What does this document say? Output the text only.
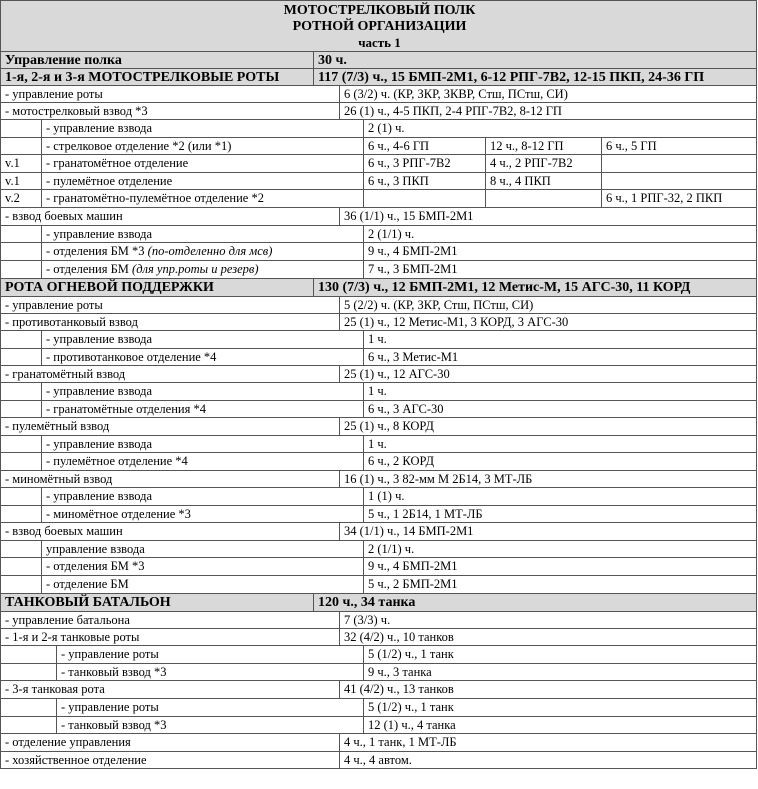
МОТОСТРЕЛКОВЫЙ ПОЛК
РОТНОЙ ОРГАНИЗАЦИИ
часть 1
Управление полка	30 ч.
1-я, 2-я и 3-я МОТОСТРЕЛКОВЫЕ РОТЫ	117 (7/3) ч., 15 БМП-2М1, 6-12 РПГ-7В2, 12-15 ПКП, 24-36 ГП
- управление роты	6 (3/2) ч. (КР, ЗКР, ЗКВР, Стш, ПСтш, СИ)
- мотострелковый взвод *3	26 (1) ч., 4-5 ПКП, 2-4 РПГ-7В2, 8-12 ГП
- управление взвода	2 (1) ч.
- стрелковое отделение *2 (или *1)	6 ч., 4-6 ГП	12 ч., 8-12 ГП	6 ч., 5 ГП
v.1	- гранатомётное отделение	6 ч., 3 РПГ-7В2	4 ч., 2 РПГ-7В2
v.1	- пулемётное отделение	6 ч., 3 ПКП	8 ч., 4 ПКП
v.2	- гранатомётно-пулемётное отделение *2	6 ч., 1 РПГ-32, 2 ПКП
- взвод боевых машин	36 (1/1) ч., 15 БМП-2М1
- управление взвода	2 (1/1) ч.
- отделения БМ *3 (по-отделенно для мсв)	9 ч., 4 БМП-2М1
- отделения БМ (для упр.роты и резерв)	7 ч., 3 БМП-2М1
РОТА ОГНЕВОЙ ПОДДЕРЖКИ	130 (7/3) ч., 12 БМП-2М1, 12 Метис-М, 15 АГС-30, 11 КОРД
- управление роты	5 (2/2) ч. (КР, ЗКР, Стш, ПСтш, СИ)
- противотанковый взвод	25 (1) ч., 12 Метис-М1, 3 КОРД, 3 АГС-30
- управление взвода	1 ч.
- противотанковое отделение *4	6 ч., 3 Метис-М1
- гранатомётный взвод	25 (1) ч., 12 АГС-30
- управление взвода	1 ч.
- гранатомётные отделения *4	6 ч., 3 АГС-30
- пулемётный взвод	25 (1) ч., 8 КОРД
- управление взвода	1 ч.
- пулемётное отделение *4	6 ч., 2 КОРД
- миномётный взвод	16 (1) ч., 3 82-мм М 2Б14, 3 МТ-ЛБ
- управление взвода	1 (1) ч.
- миномётное отделение *3	5 ч., 1 2Б14, 1 МТ-ЛБ
- взвод боевых машин	34 (1/1) ч., 14 БМП-2М1
управление взвода	2 (1/1) ч.
- отделения БМ *3	9 ч., 4 БМП-2М1
- отделение БМ	5 ч., 2 БМП-2М1
ТАНКОВЫЙ БАТАЛЬОН	120 ч., 34 танка
- управление батальона	7 (3/3) ч.
- 1-я и 2-я танковые роты	32 (4/2) ч., 10 танков
- управление роты	5 (1/2) ч., 1 танк
- танковый взвод *3	9 ч., 3 танка
- 3-я танковая рота	41 (4/2) ч., 13 танков
- управление роты	5 (1/2) ч., 1 танк
- танковый взвод *3	12 (1) ч., 4 танка
- отделение управления	4 ч., 1 танк, 1 МТ-ЛБ
- хозяйственное отделение	4 ч., 4 автом.
